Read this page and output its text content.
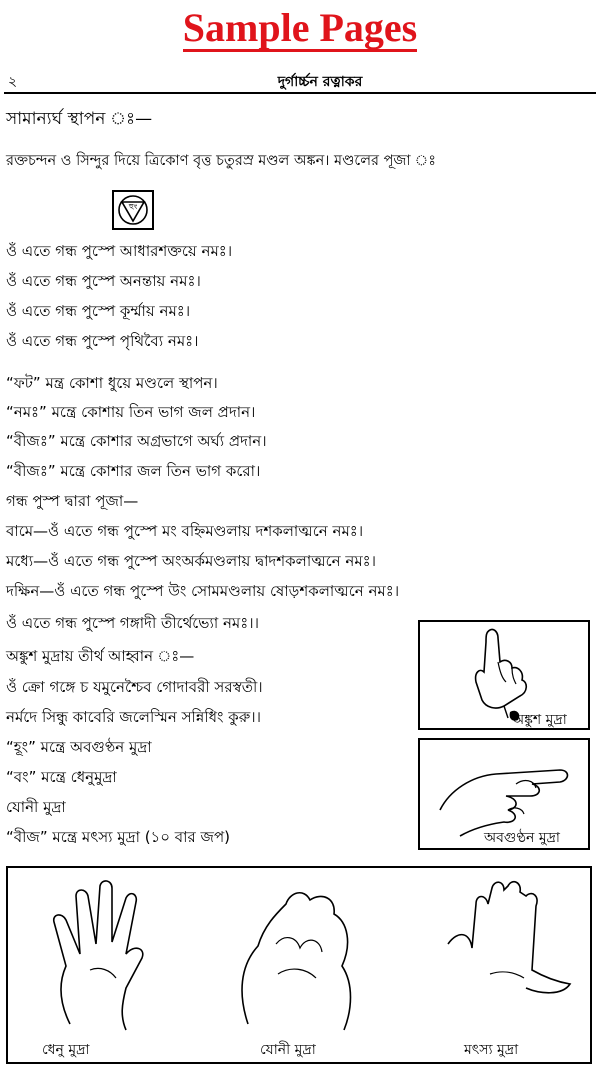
Sample Pages
২	দুর্গার্চ্চন রত্নাকর
সামান্যর্ঘ স্থাপন ঃ—
রক্তচন্দন ও সিন্দুর দিয়ে ত্রিকোণ বৃত্ত চতুরস্র মণ্ডল অঙ্কন। মণ্ডলের পূজা ঃ
হুং
ওঁ এতে গন্ধ পুস্পে আধারশক্তয়ে নমঃ।
ওঁ এতে গন্ধ পুস্পে অনন্তায় নমঃ।
ওঁ এতে গন্ধ পুস্পে কূর্ম্মায় নমঃ।
ওঁ এতে গন্ধ পুস্পে পৃথিব্যৈ নমঃ।
“ফট” মন্ত্র কোশা ধুয়ে মণ্ডলে স্থাপন।
“নমঃ” মন্ত্রে কোশায় তিন ভাগ জল প্রদান।
“বীজঃ” মন্ত্রে কোশার অগ্রভাগে অর্ঘ্য প্রদান।
“বীজঃ” মন্ত্রে কোশার জল তিন ভাগ করো।
গন্ধ পুস্প দ্বারা পূজা—
বামে—ওঁ এতে গন্ধ পুস্পে মং বহ্নিমণ্ডলায় দশকলাত্মনে নমঃ।
মধ্যে—ওঁ এতে গন্ধ পুস্পে অংঅর্কমণ্ডলায় দ্বাদশকলাত্মনে নমঃ।
দক্ষিন—ওঁ এতে গন্ধ পুস্পে উং সোমমণ্ডলায় ষোড়শকলাত্মনে নমঃ।
ওঁ এতে গন্ধ পুস্পে গঙ্গাদী তীর্থেভ্যো নমঃ।।
অঙ্কুশ মুদ্রায় তীর্থ আহ্বান ঃ—
ওঁ ক্রো গঙ্গে চ যমুনেশ্চৈব গোদাবরী সরস্বতী।
নর্মদে সিন্ধু কাবেরি জলেস্মিন সন্নিধিং কুরু।।
“হূং” মন্ত্রে অবগুণ্ঠন মুদ্রা
“বং” মন্ত্রে ধেনুমুদ্রা
যোনী মুদ্রা
“বীজ” মন্ত্রে মৎস্য মুদ্রা (১০ বার জপ)
অঙ্কুশ মুদ্রা
অবগুণ্ঠন মুদ্রা
ধেনু মুদ্রা	যোনী মুদ্রা	মৎস্য মুদ্রা
